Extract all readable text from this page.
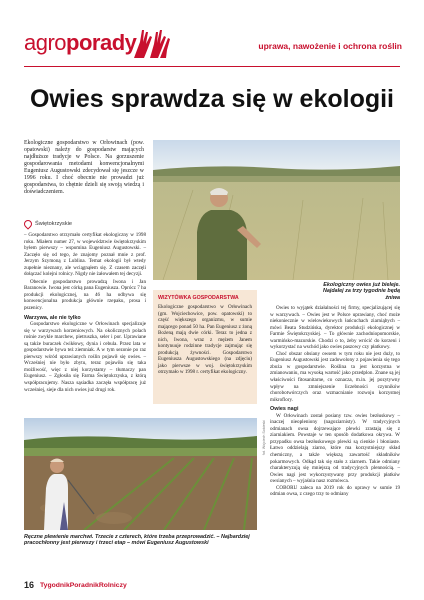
agroporady	uprawa, nawożenie i ochrona roślin
Owies sprawdza się w ekologii
Ekologiczne gospodarstwo w Orłowinach (pow. opatowski) należy do gospodarstw mających najdłuższe tradycje w Polsce. Na gorzuszenie gospodarowania metodami konwencjonalnymi Eugeniusz Augustowski zdecydował się jeszcze w 1996 roku. I choć obecnie nie prowadzi już gospodarstwa, to chętnie dzieli się swoją wiedzą i doświadczeniem.
Świętokrzyskie

– Gospodarstwo otrzymało certyfikat ekologiczny w 1998 roku. Miałem numer 27, w województwie świętokrzyskim byłem pierwszy – wspomina Eugeniusz Augustowski. – Zaczęło się od tego, że znajomy poznał mnie z prof. Jerzym Szymoną z Lublina. Temat ekologii był wtedy zupełnie nieznany, ale wciągnąłem się. Z czasem zaczęli dołączać kolejni rolnicy. Nigdy nie żałowałem tej decyzji.

Obecnie gospodarstwo prowadzą Iwona i Jan Baranowie. Iwona jest córką pana Eugeniusza. Oprócz 7 ha produkcji ekologicznej, na 46 ha odbywa się konwencjonalna produkcja głównie rzepaku, prosa i pszenicy.

Warzywa, ale nie tylko

Gospodarstwo ekologiczne w Orłowinach specjalizuje się w warzywach korzeniowych. Na okolicznych polach rośnie zwykle marchew, pietruszka, seler i por. Uprawiane są także buraczek ćwikłowy, dynia i cebula. Przez lata w gospodarstwie bywa też ziemniak. A w tym sezonie po raz pierwszy wśród uprawianych roślin pojawił się owies. – Wcześniej nie było zbytu, teraz pojawiła się taka możliwość, więc z niej korzystamy – tłumaczy pan Eugeniusz. – Zgłosiła się Farma Świętokrzyska, z którą współpracujemy. Nasza sąsiadka zaczęła współpracę już wcześniej, sieje dla nich owies już drugi rok.

Ekologiczny owies już bieleje. Najdalej za trzy tygodnie będą żniwa
WIZYTÓWKA GOSPODARSTWA
Ekologiczne gospodarstwo w Orłowinach (gm. Wojciechowice, pow. opatowski) to część większego organizmu, w sumie mającego ponad 50 ha. Pan Eugeniusz z żoną Bożeną mają dwie córki. Teraz to jedna z nich, Iwona, wraz z mężem Janem kontynuuje rodzinne tradycje zajmując się produkcją żywności. Gospodarstwo Eugeniusza Augustowskiego (na zdjęciu) jako pierwsze w woj. świętokrzyskim otrzymało w 1998 r. certyfikat ekologiczny.

Owies to wyjątek działalności tej firmy, specjalizującej się w warzywach. – Owies jest w Polsce uprawiany, choć może niekoniecznie w wielowiekowych łańcuchach ziarniąbych – mówi Beata Studzińska, dyrektor produkcji ekologicznej w Farmie Świętokrzyskiej. – To głównie zachodniopomorskie, warmińsko-mazurskie. Chodzi o to, żeby wrócić do korzeni i wykorzystać na wschód jako owies paszowy czy płatkowy.

Choć obszar obsiany owsem w tym roku nie jest duży, to Eugeniusz Augustowski jest zadowolony z pojawienia się tego zboża w gospodarstwie. Roślina ta jest korzystna w zmianowaniu, ma wysoką wartość jako przedplon. Znane są jej właściwości fitosanitarne, co oznacza, m.in. jej pozytywny wpływ na zmniejszenie liczebności czynników chorobotwórczych oraz wzmacnianie rozwoju korzystnej mikroflory.

Owies nagi

W Orłowinach został posiany tzw. owies bezłuskowy – inaczej nieopleniony (nagoziarnisty). W tradycyjnych odmianach owsa dojrzewające plewki zrastają się z ziarniakiem. Powstaje w ten sposób dodatkowa okrywa. W przypadku owsa bezłuskowego plewki są cienkie i błoniaste. Łatwo oddzielają ziarno, które ma korzystniejszy skład chemiczny, a także większą zawartość składników pokarmowych. Odkąd tak się stało z ziarnem. Takie odmiany charakteryzują się mniejszą od tradycyjnych plennością. – Owies nagi jest wykorzystywany przy produkcji płatków owsianych – wyjaśnia nasz rozmówca.

COBORU zaleca na 2019 rok do uprawy w sumie 19 odmian owsa, z czego trzy to odmiany

Ręczne plewienie marchwi. Trzecie z czterech, które trzeba przeprowadzić. – Najbardziej pracochłonny jest pierwszy i trzeci etap – mówi Eugeniusz Augustowski
fot. Wojciech Sobieski
16 TygodnikPoradnikRolniczy
